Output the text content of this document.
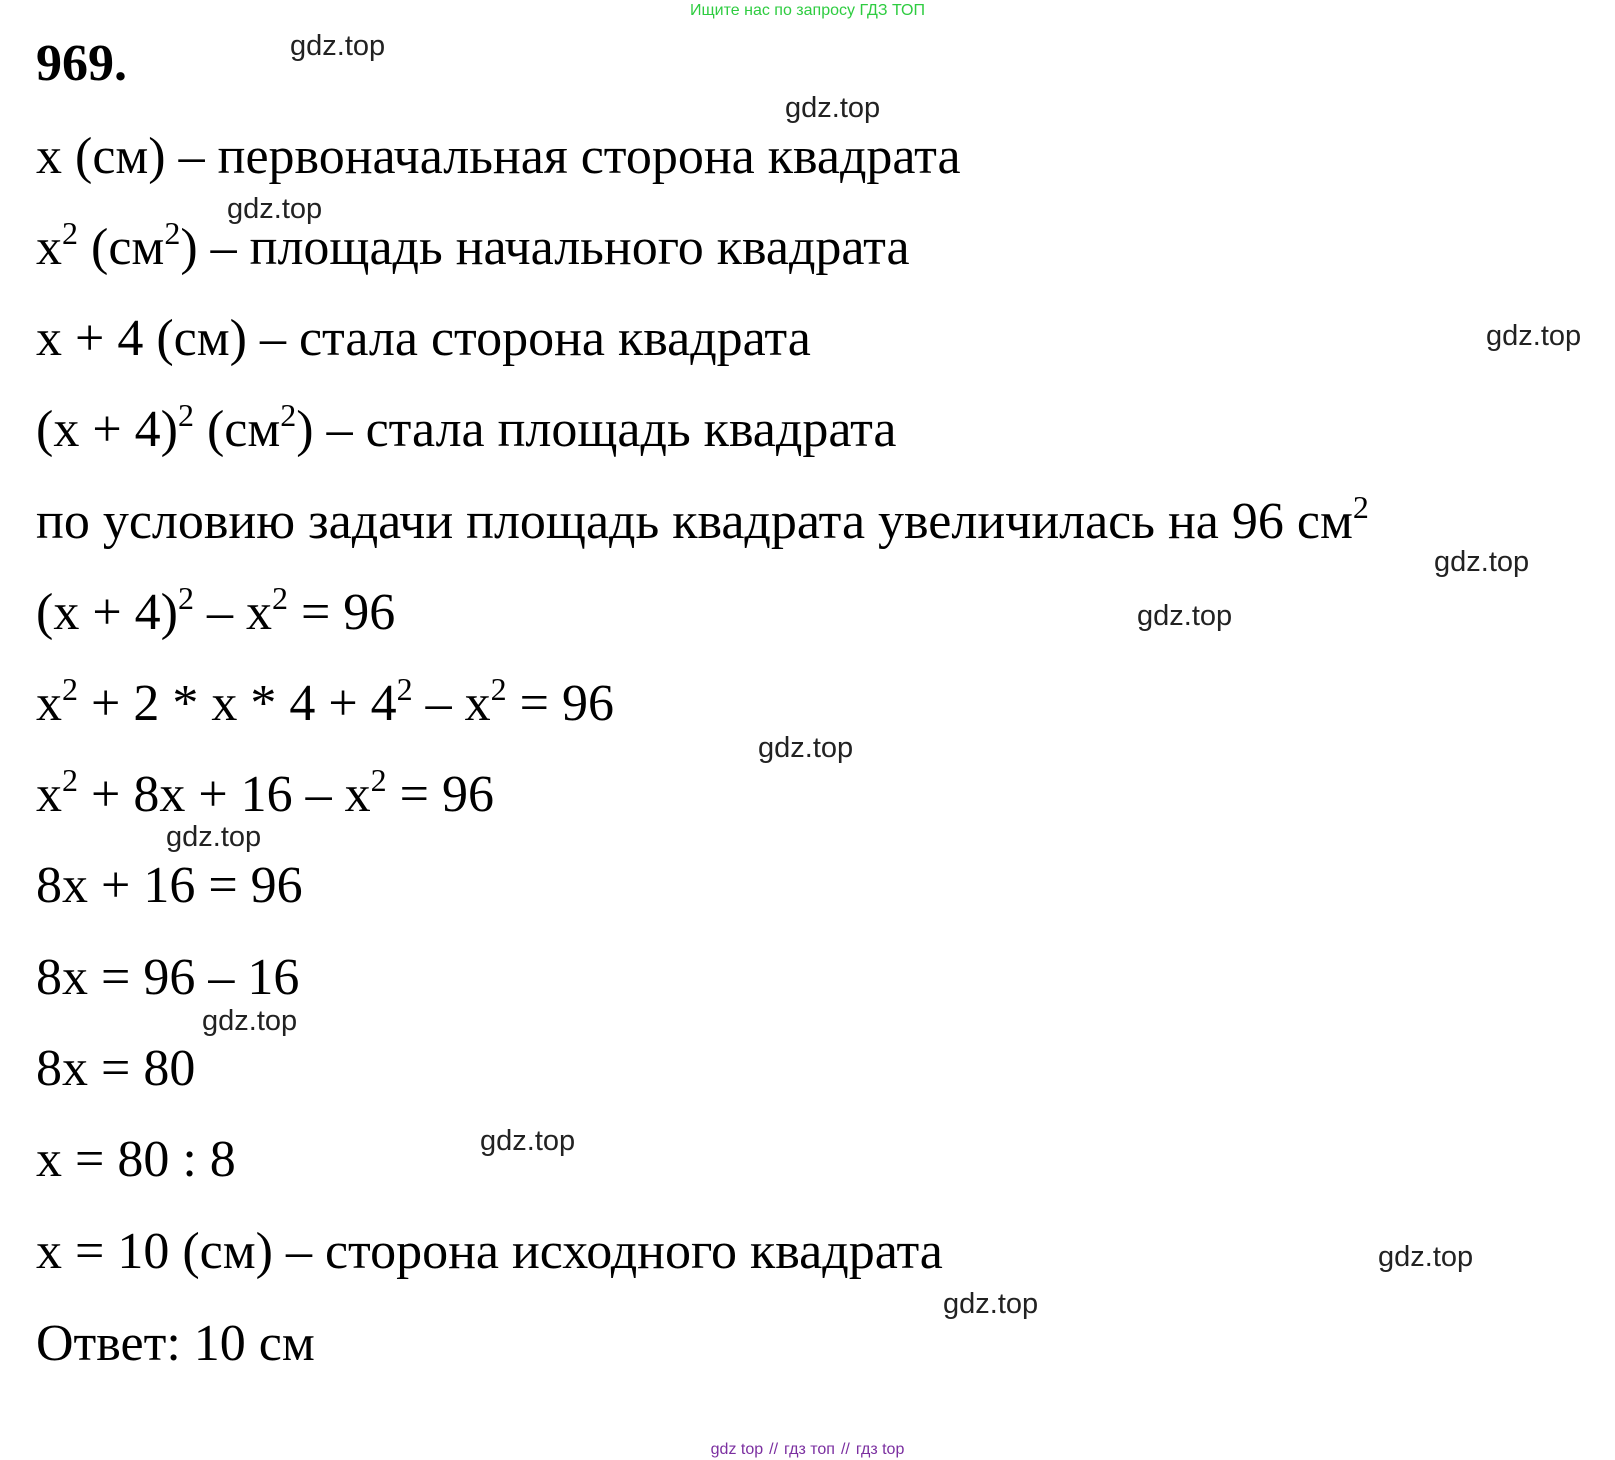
Ищите нас по запросу ГДЗ ТОП
969.
x (см) – первоначальная сторона квадрата
$x^2$ $(см^2)$ – площадь начального квадрата
x + 4 (см) – стала сторона квадрата
$(x + 4)^2$ $(см^2)$ – стала площадь квадрата
по условию задачи площадь квадрата увеличилась на 96 $см^2$
$(x + 4)^2 - x^2 = 96$
$x^2 + 2 * x * 4 + 4^2 - x^2 = 96$
$x^2 + 8x + 16 - x^2 = 96$
8x + 16 = 96
8x = 96 – 16
8x = 80
x = 80 : 8
x = 10 (см) – сторона исходного квадрата
Ответ: 10 см
gdz.top
gdz.top
gdz.top
gdz.top
gdz.top
gdz.top
gdz.top
gdz.top
gdz.top
gdz.top
gdz.top
gdz.top
gdz top // гдз топ // гдз top
